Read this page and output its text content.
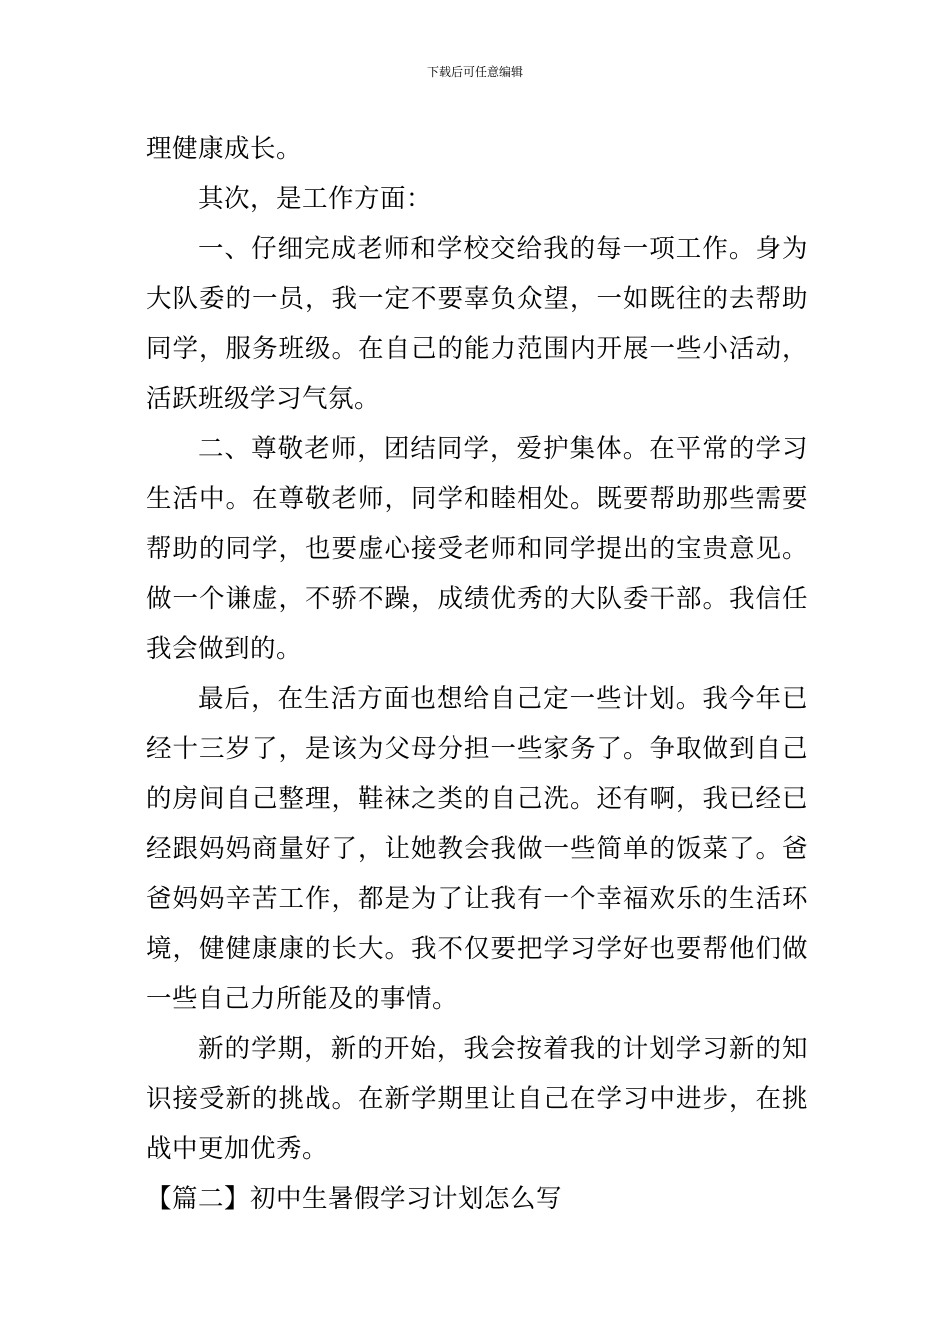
下载后可任意编辑

理健康成长。

其次，是工作方面：

一、仔细完成老师和学校交给我的每一项工作。身为大队委的一员，我一定不要辜负众望，一如既往的去帮助同学，服务班级。在自己的能力范围内开展一些小活动，活跃班级学习气氛。

二、尊敬老师，团结同学，爱护集体。在平常的学习生活中。在尊敬老师，同学和睦相处。既要帮助那些需要帮助的同学，也要虚心接受老师和同学提出的宝贵意见。做一个谦虚，不骄不躁，成绩优秀的大队委干部。我信任我会做到的。

最后，在生活方面也想给自己定一些计划。我今年已经十三岁了，是该为父母分担一些家务了。争取做到自己的房间自己整理，鞋袜之类的自己洗。还有啊，我已经已经跟妈妈商量好了，让她教会我做一些简单的饭菜了。爸爸妈妈辛苦工作，都是为了让我有一个幸福欢乐的生活环境，健健康康的长大。我不仅要把学习学好也要帮他们做一些自己力所能及的事情。

新的学期，新的开始，我会按着我的计划学习新的知识接受新的挑战。在新学期里让自己在学习中进步，在挑战中更加优秀。

【篇二】初中生暑假学习计划怎么写
